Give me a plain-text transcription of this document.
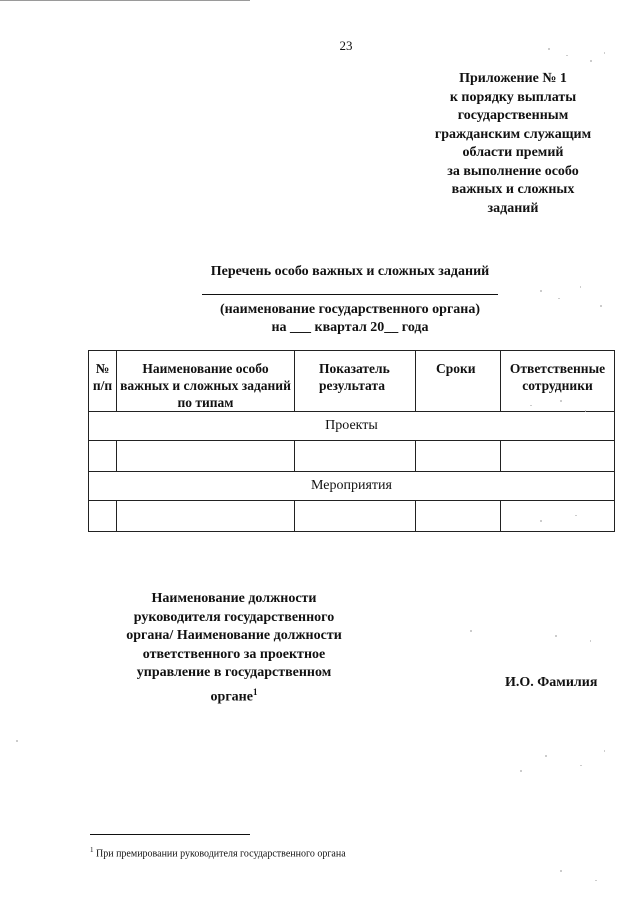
23
Приложение № 1
к порядку выплаты
государственным
гражданским служащим
области премий
за выполнение особо
важных и сложных
заданий
Перечень особо важных и сложных заданий
(наименование государственного органа)
на ___ квартал 20__ года
№ п/п	Наименование особо важных и сложных заданий по типам	Показатель результата	Сроки	Ответственные сотрудники
Проекты				

Мероприятия				

Наименование должности
руководителя государственного
органа/ Наименование должности
ответственного за проектное
управление в государственном
органе$^1$
И.О. Фамилия
$^1$ При премировании руководителя государственного органа
